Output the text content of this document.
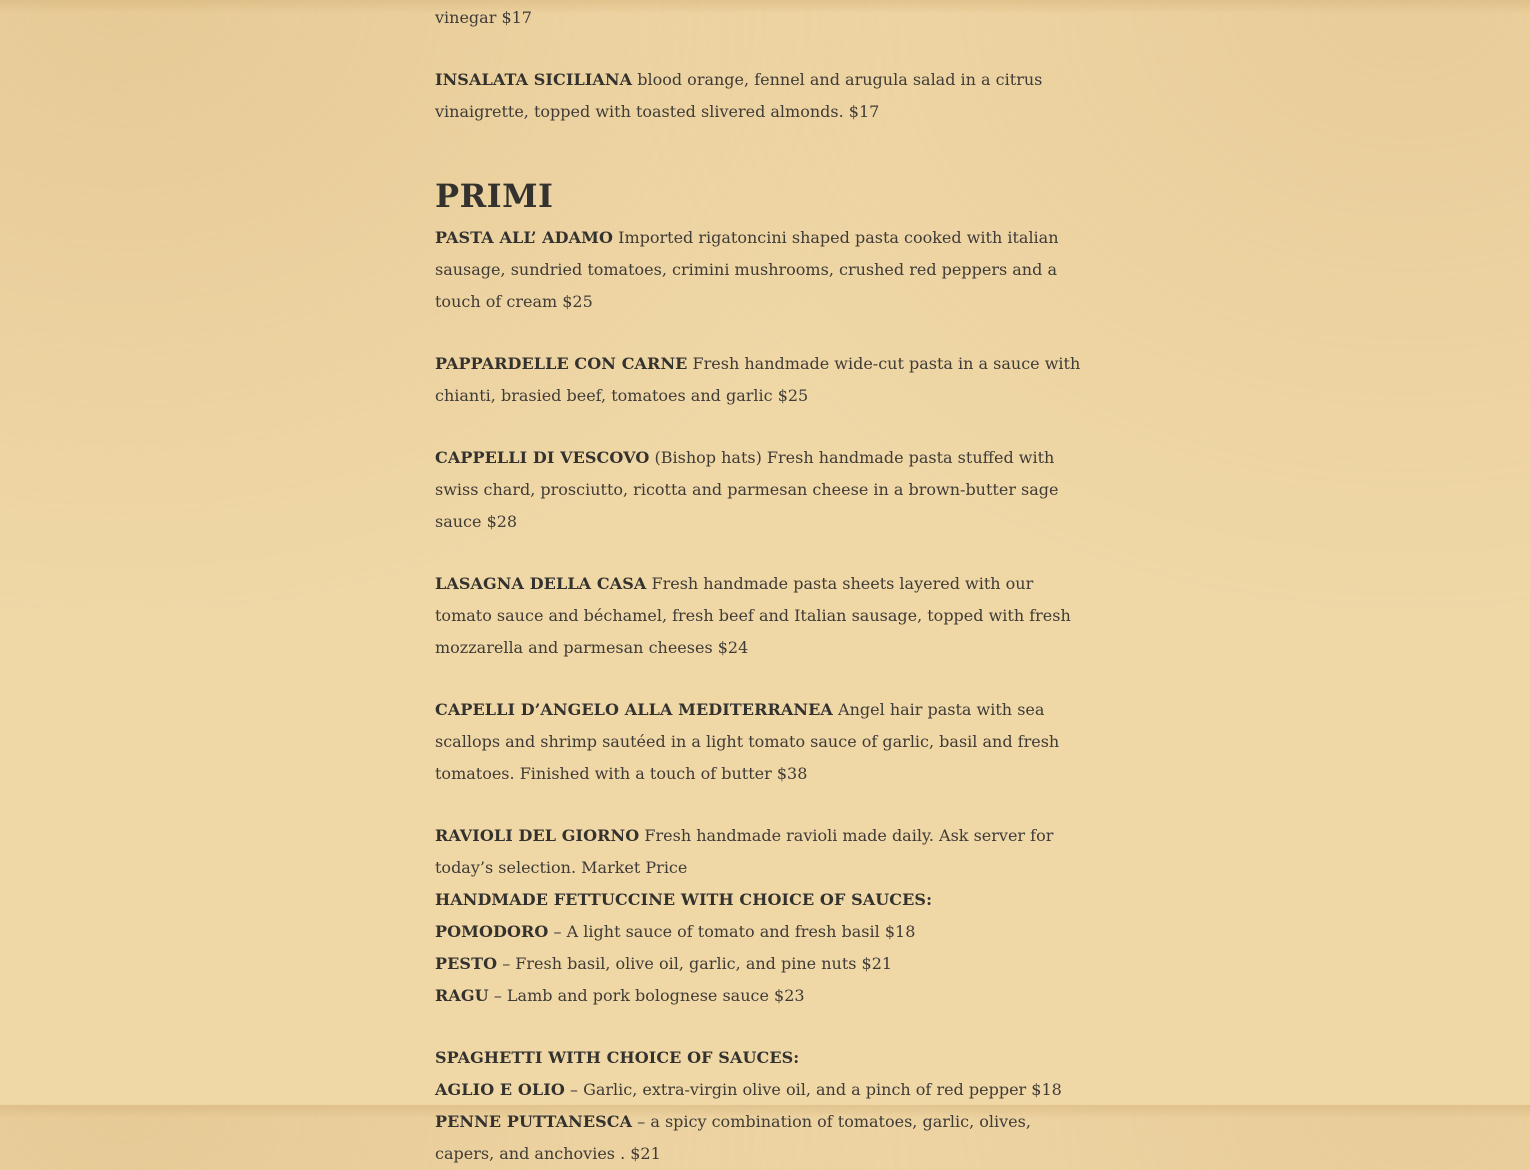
vinegar $17

INSALATA SICILIANA blood orange, fennel and arugula salad in a citrus vinaigrette, topped with toasted slivered almonds. $17

PRIMI

PASTA ALL’ ADAMO Imported rigatoncini shaped pasta cooked with italian sausage, sundried tomatoes, crimini mushrooms, crushed red peppers and a touch of cream $25

PAPPARDELLE CON CARNE Fresh handmade wide-cut pasta in a sauce with chianti, brasied beef, tomatoes and garlic $25

CAPPELLI DI VESCOVO (Bishop hats) Fresh handmade pasta stuffed with swiss chard, prosciutto, ricotta and parmesan cheese in a brown-butter sage sauce $28

LASAGNA DELLA CASA Fresh handmade pasta sheets layered with our tomato sauce and béchamel, fresh beef and Italian sausage, topped with fresh mozzarella and parmesan cheeses $24

CAPELLI D’ANGELO ALLA MEDITERRANEA Angel hair pasta with sea scallops and shrimp sautéed in a light tomato sauce of garlic, basil and fresh tomatoes. Finished with a touch of butter $38

RAVIOLI DEL GIORNO Fresh handmade ravioli made daily. Ask server for today’s selection. Market Price

HANDMADE FETTUCCINE WITH CHOICE OF SAUCES:

POMODORO – A light sauce of tomato and fresh basil $18

PESTO – Fresh basil, olive oil, garlic, and pine nuts $21

RAGU – Lamb and pork bolognese sauce $23

SPAGHETTI WITH CHOICE OF SAUCES:

AGLIO E OLIO – Garlic, extra-virgin olive oil, and a pinch of red pepper $18

PENNE PUTTANESCA – a spicy combination of tomatoes, garlic, olives, capers, and anchovies . $21
